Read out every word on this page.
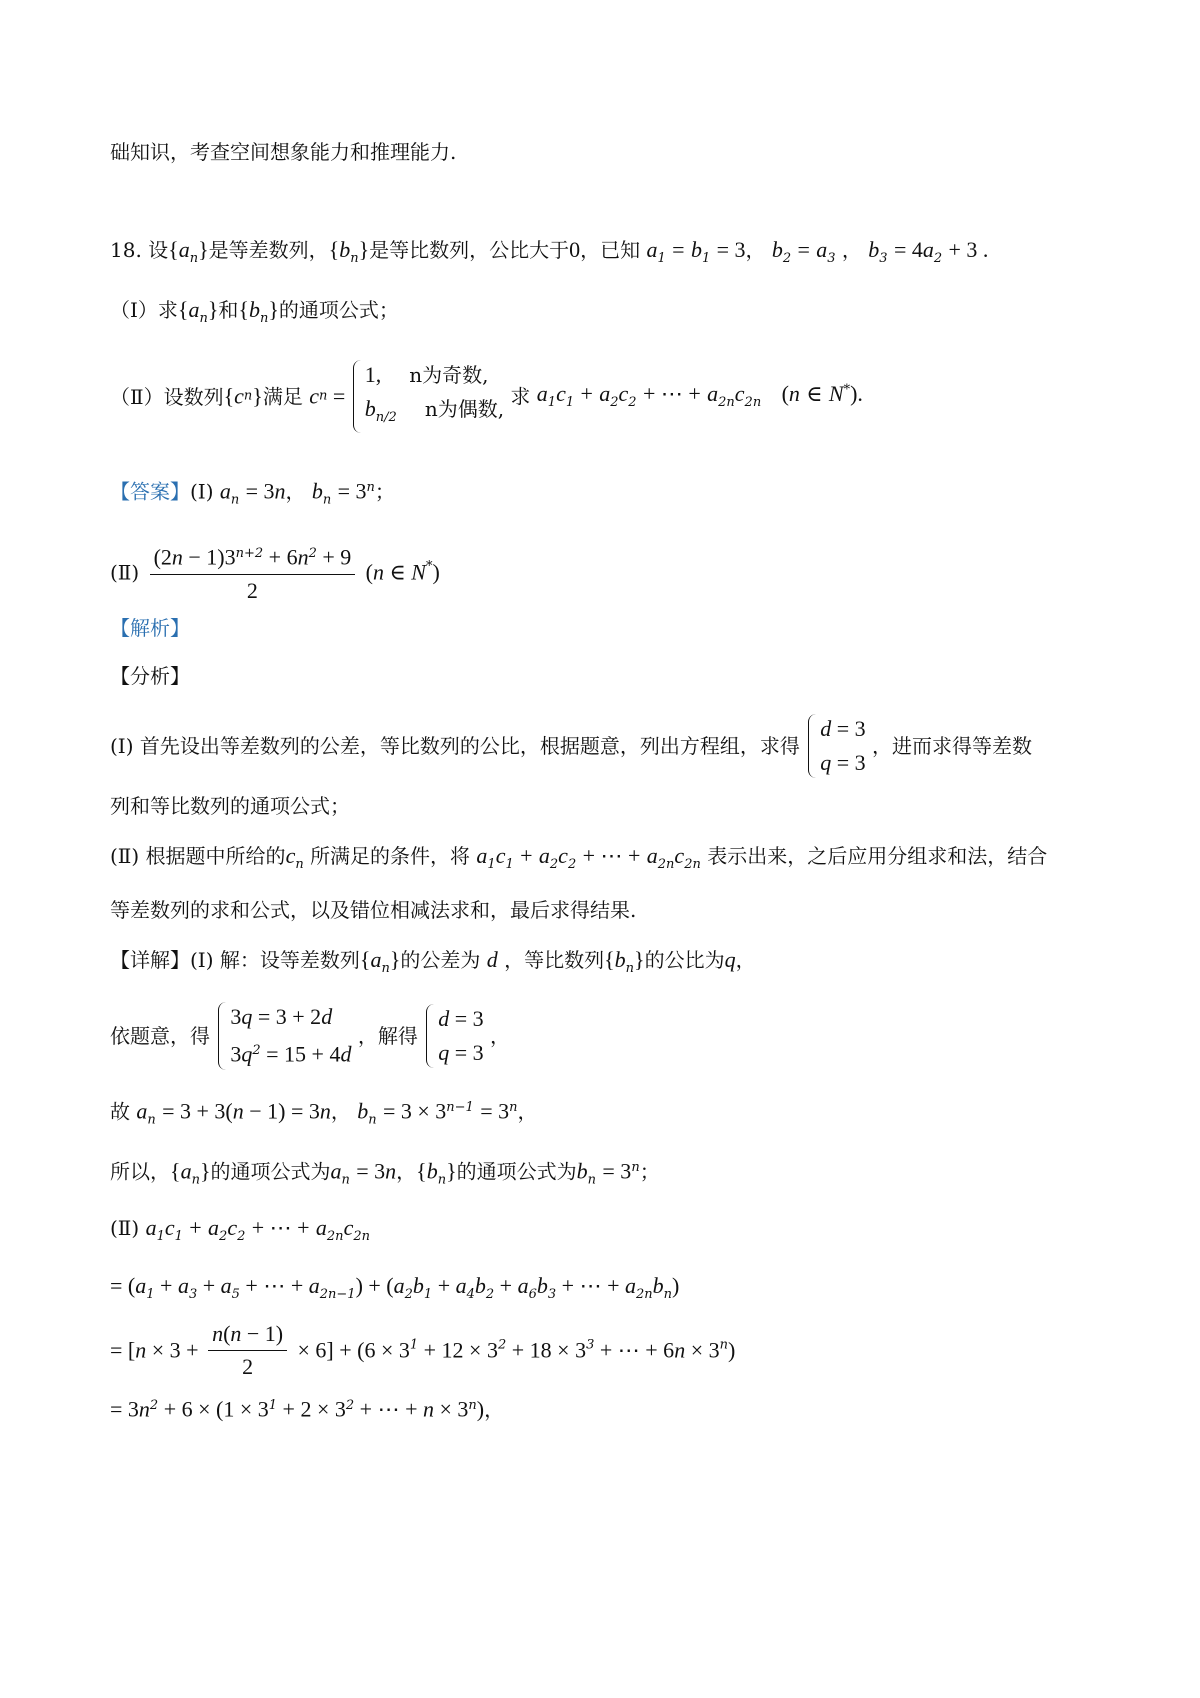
础知识，考查空间想象能力和推理能力.
18. 设$\{a_n\}$是等差数列，$\{b_n\}$是等比数列，公比大于0，已知 $a_1 = b_1 = 3$， $b_2 = a_3$ ， $b_3 = 4a_2 + 3$ .
（Ⅰ）求$\{a_n\}$和$\{b_n\}$的通项公式；
（Ⅱ）设数列{cn}满足 cn =
1, n为奇数,
$b_{n/2}$ n为偶数,
求 $a_1c_1 + a_2c_2$ + ⋯ + $a_{2n}c_{2n}$ (n ∈ N*).
【答案】(Ⅰ) $a_n = 3n$， $b_n = 3^n$；
(Ⅱ) $\frac{(2n - 1)3^{n+2} + 6n^2 + 9}{2} (n$ ∈ N*)
【解析】
【分析】
(Ⅰ) 首先设出等差数列的公差，等比数列的公比，根据题意，列出方程组，求得
d = 3
q = 3
，进而求得等差数
列和等比数列的通项公式；
(Ⅱ) 根据题中所给的$c_n$ 所满足的条件，将 $a_1c_1 + a_2c_2$ + ⋯ + $a_{2n}c_{2n}$ 表示出来，之后应用分组求和法，结合
等差数列的求和公式，以及错位相减法求和，最后求得结果.
【详解】(Ⅰ) 解：设等差数列$\{a_n\}$的公差为 d ，等比数列$\{b_n\}$的公比为q，
依题意，得
3q = 3 + 2d
$3q^2 = 15 + 4d$
，解得
d = 3
q = 3
，
故 $a_n = 3 + 3(n - 1) = 3n$， $b_n = 3 \times 3^{n-1} = 3^n$，
所以，$\{a_n\}$的通项公式为$a_n = 3n$，$\{b_n\}$的通项公式为$b_n = 3^n$；
(Ⅱ) $a_1c_1 + a_2c_2$ + ⋯ + $a_{2n}c_{2n}$
= ($a_1 + a_3 + a_5$ + ⋯ + $a_{2n-1}) + (a_2b_1 + a_4b_2 + a_6b_3$ + ⋯ + $a_{2n}b_n$)
= $[n \times 3 + \frac{n(n - 1)}{2} \times 6] + (6 \times 3^1 + 12 \times 3^2 + 18 \times 3^3$ + ⋯ + $6n \times 3^n$)
= $3n^2 + 6 \times (1 \times 3^1 + 2 \times 3^2$ + ⋯ + $n \times 3^n$)，
